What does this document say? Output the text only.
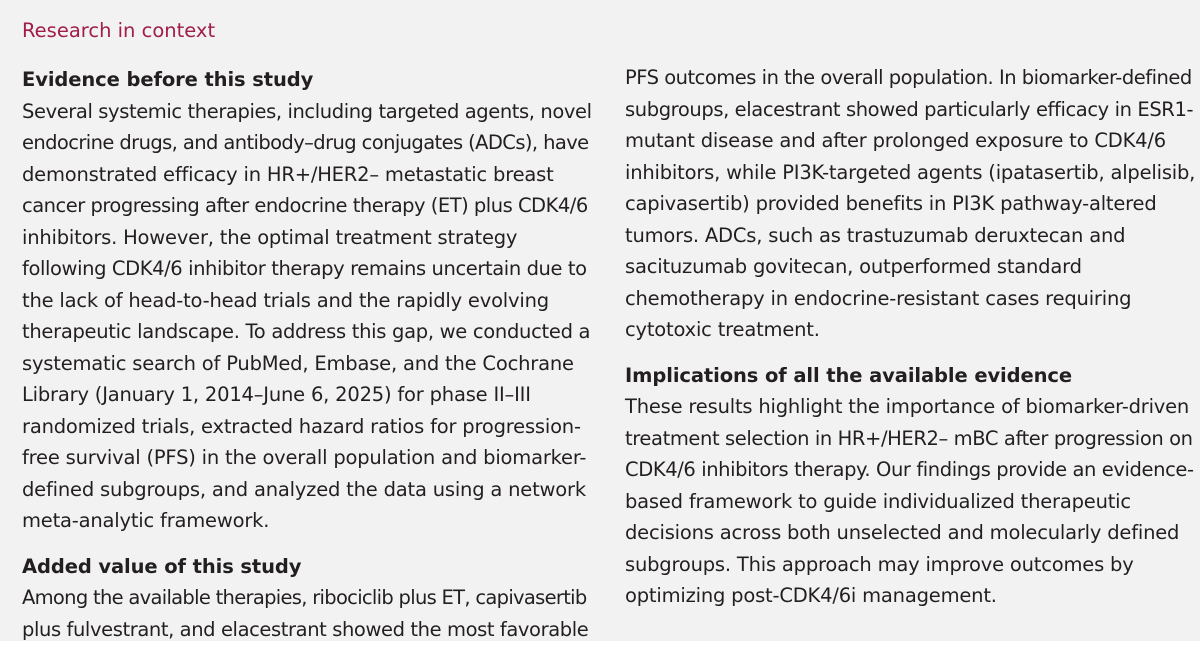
Research in context
Evidence before this study
Several systemic therapies, including targeted agents, novel
endocrine drugs, and antibody–drug conjugates (ADCs), have
demonstrated efficacy in HR+/HER2– metastatic breast
cancer progressing after endocrine therapy (ET) plus CDK4/6
inhibitors. However, the optimal treatment strategy
following CDK4/6 inhibitor therapy remains uncertain due to
the lack of head-to-head trials and the rapidly evolving
therapeutic landscape. To address this gap, we conducted a
systematic search of PubMed, Embase, and the Cochrane
Library (January 1, 2014–June 6, 2025) for phase II–III
randomized trials, extracted hazard ratios for progression-
free survival (PFS) in the overall population and biomarker-
defined subgroups, and analyzed the data using a network
meta-analytic framework.
Added value of this study
Among the available therapies, ribociclib plus ET, capivasertib
plus fulvestrant, and elacestrant showed the most favorable
PFS outcomes in the overall population. In biomarker-defined
subgroups, elacestrant showed particularly efficacy in ESR1-
mutant disease and after prolonged exposure to CDK4/6
inhibitors, while PI3K-targeted agents (ipatasertib, alpelisib,
capivasertib) provided benefits in PI3K pathway-altered
tumors. ADCs, such as trastuzumab deruxtecan and
sacituzumab govitecan, outperformed standard
chemotherapy in endocrine-resistant cases requiring
cytotoxic treatment.
Implications of all the available evidence
These results highlight the importance of biomarker-driven
treatment selection in HR+/HER2– mBC after progression on
CDK4/6 inhibitors therapy. Our findings provide an evidence-
based framework to guide individualized therapeutic
decisions across both unselected and molecularly defined
subgroups. This approach may improve outcomes by
optimizing post-CDK4/6i management.
